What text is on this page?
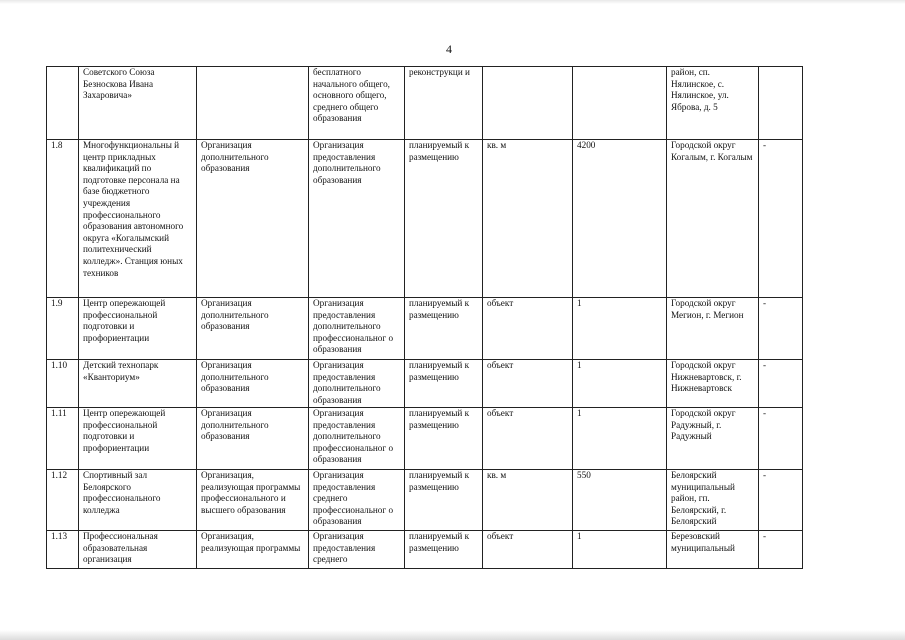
4
	Советского Союза Безноскова Ивана Захаровича»		бесплатного начального общего, основного общего, среднего общего образования	реконструкци и			район, сп. Нялинское, с. Нялинское, ул. Яброва, д. 5	
1.8	Многофункциональны й центр прикладных квалификаций по подготовке персонала на базе бюджетного учреждения профессионального образования автономного округа «Когалымский политехнический колледж». Станция юных техников	Организация дополнительного образования	Организация предоставления дополнительного образования	планируемый к размещению	кв. м	4200	Городской округ Когалым, г. Когалым	-
1.9	Центр опережающей профессиональной подготовки и профориентации	Организация дополнительного образования	Организация предоставления дополнительного профессиональног о образования	планируемый к размещению	объект	1	Городской округ Мегион, г. Мегион	-
1.10	Детский технопарк «Кванториум»	Организация дополнительного образования	Организация предоставления дополнительного образования	планируемый к размещению	объект	1	Городской округ Нижневартовск, г. Нижневартовск	-
1.11	Центр опережающей профессиональной подготовки и профориентации	Организация дополнительного образования	Организация предоставления дополнительного профессиональног о образования	планируемый к размещению	объект	1	Городской округ Радужный, г. Радужный	-
1.12	Спортивный зал Белоярского профессионального колледжа	Организация, реализующая программы профессионального и высшего образования	Организация предоставления среднего профессиональног о образования	планируемый к размещению	кв. м	550	Белоярский муниципальный район, гп. Белоярский, г. Белоярский	-
1.13	Профессиональная образовательная организация	Организация, реализующая программы	Организация предоставления среднего	планируемый к размещению	объект	1	Березовский муниципальный	-
